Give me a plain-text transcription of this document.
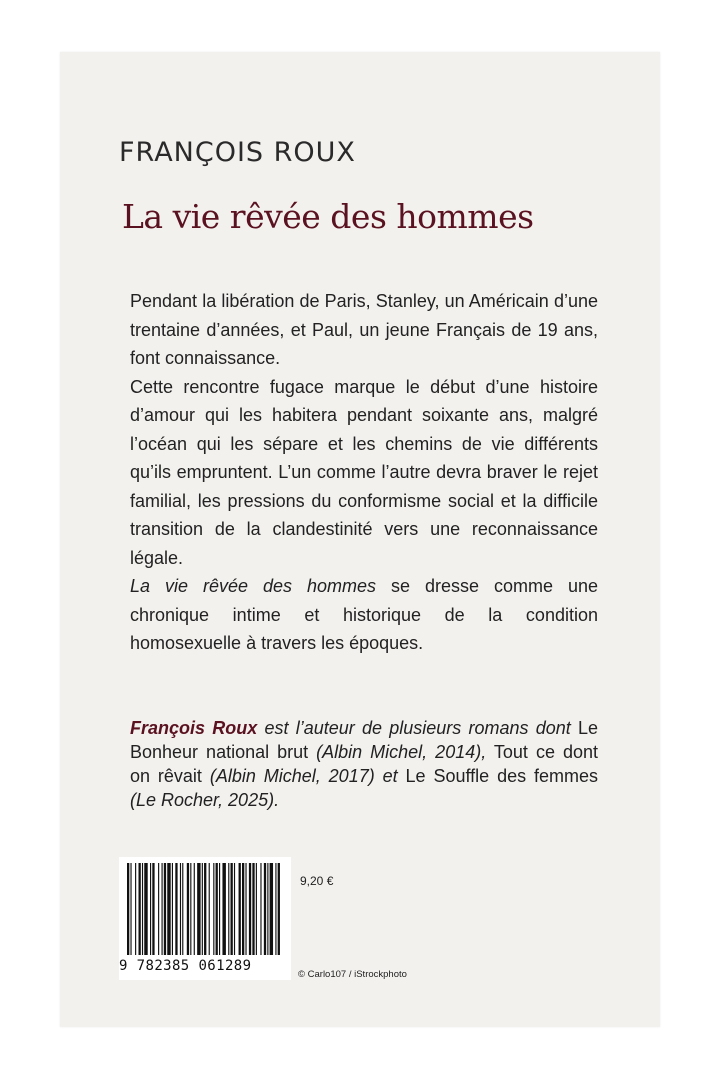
FRANÇOIS ROUX
La vie rêvée des hommes

Pendant la libération de Paris, Stanley, un Américain d’une trentaine d’années, et Paul, un jeune Français de 19 ans, font connaissance.

Cette rencontre fugace marque le début d’une histoire d’amour qui les habitera pendant soixante ans, malgré l’océan qui les sépare et les chemins de vie différents qu’ils empruntent. L’un comme l’autre devra braver le rejet familial, les pressions du conformisme social et la difficile transition de la clandestinité vers une reconnaissance légale.

La vie rêvée des hommes se dresse comme une chronique intime et historique de la condition homosexuelle à travers les époques.

François Roux est l’auteur de plusieurs romans dont Le Bonheur national brut (Albin Michel, 2014), Tout ce dont on rêvait (Albin Michel, 2017) et Le Souffle des femmes (Le Rocher, 2025).
9 782385 061289
9,20 €
© Carlo107 / iStrockphoto
